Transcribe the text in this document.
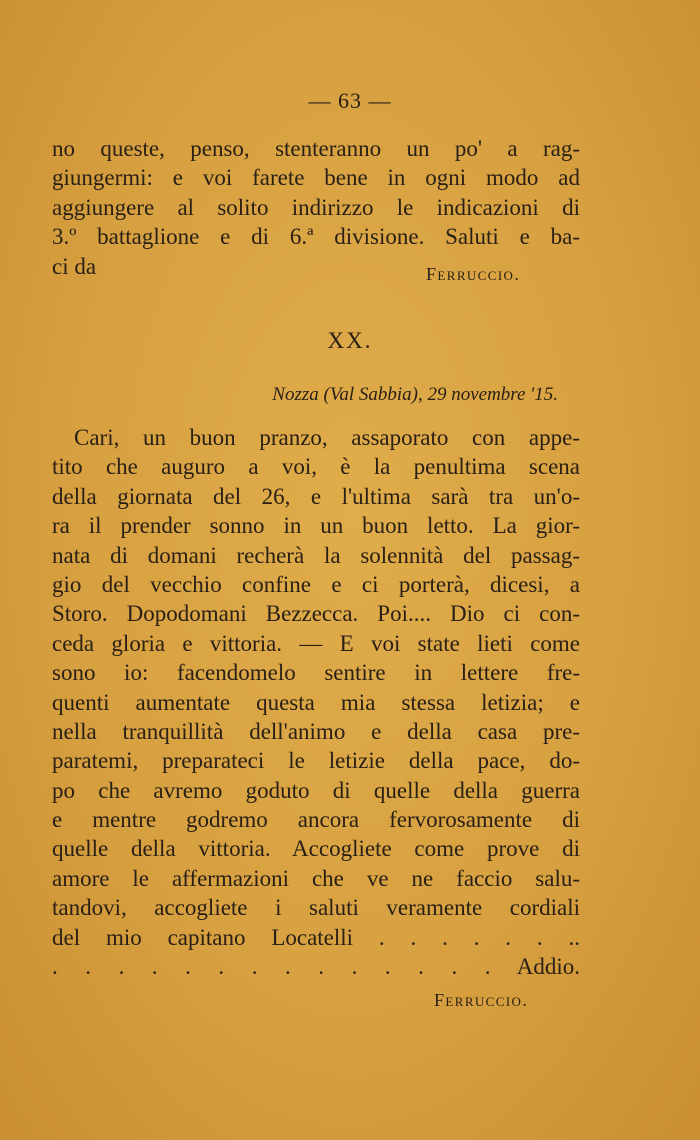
— 63 —
no queste, penso, stenteranno un po' a rag-
giungermi: e voi farete bene in ogni modo ad
aggiungere al solito indirizzo le indicazioni di
3.º battaglione e di 6.ª divisione. Saluti e ba-
ci da	Ferruccio.
XX.
Nozza (Val Sabbia), 29 novembre '15.
Cari, un buon pranzo, assaporato con appe-
tito che auguro a voi, è la penultima scena
della giornata del 26, e l'ultima sarà tra un'o-
ra il prender sonno in un buon letto. La gior-
nata di domani recherà la solennità del passag-
gio del vecchio confine e ci porterà, dicesi, a
Storo. Dopodomani Bezzecca. Poi.... Dio ci con-
ceda gloria e vittoria. — E voi state lieti come
sono io: facendomelo sentire in lettere fre-
quenti aumentate questa mia stessa letizia; e
nella tranquillità dell'animo e della casa pre-
paratemi, preparateci le letizie della pace, do-
po che avremo goduto di quelle della guerra
e mentre godremo ancora fervorosamente di
quelle della vittoria. Accogliete come prove di
amore le affermazioni che ve ne faccio salu-
tandovi, accogliete i saluti veramente cordiali
del mio capitano Locatelli . . . . . . ..
. . . . . . . . . . . . . . Addio.
Ferruccio.
